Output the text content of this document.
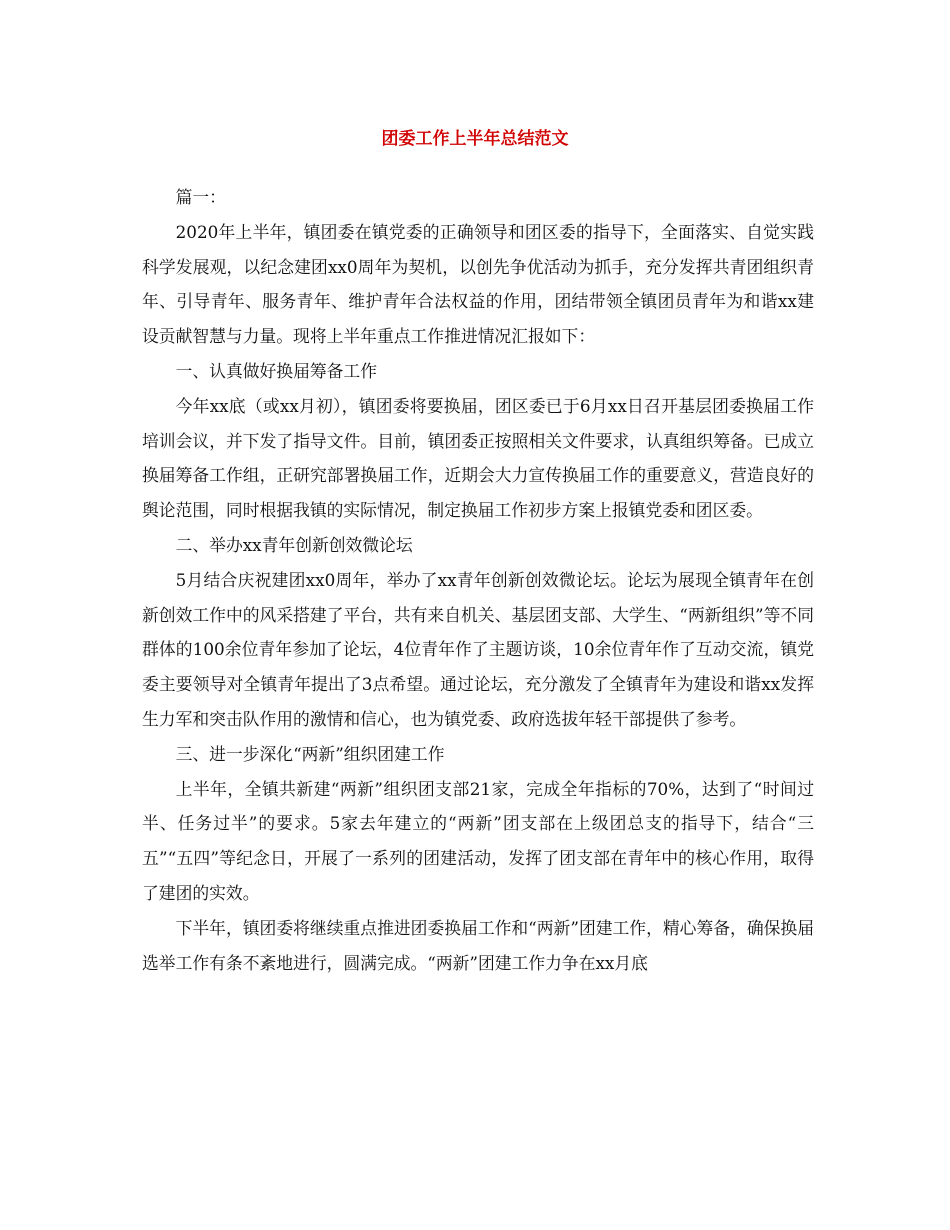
团委工作上半年总结范文

篇一：

2020年上半年，镇团委在镇党委的正确领导和团区委的指导下，全面落实、自觉实践科学发展观，以纪念建团xx0周年为契机，以创先争优活动为抓手，充分发挥共青团组织青年、引导青年、服务青年、维护青年合法权益的作用，团结带领全镇团员青年为和谐xx建设贡献智慧与力量。现将上半年重点工作推进情况汇报如下：

一、认真做好换届筹备工作

今年xx底（或xx月初），镇团委将要换届，团区委已于6月xx日召开基层团委换届工作培训会议，并下发了指导文件。目前，镇团委正按照相关文件要求，认真组织筹备。已成立换届筹备工作组，正研究部署换届工作，近期会大力宣传换届工作的重要意义，营造良好的舆论范围，同时根据我镇的实际情况，制定换届工作初步方案上报镇党委和团区委。

二、举办xx青年创新创效微论坛

5月结合庆祝建团xx0周年，举办了xx青年创新创效微论坛。论坛为展现全镇青年在创新创效工作中的风采搭建了平台，共有来自机关、基层团支部、大学生、“两新组织”等不同群体的100余位青年参加了论坛，4位青年作了主题访谈，10余位青年作了互动交流，镇党委主要领导对全镇青年提出了3点希望。通过论坛，充分激发了全镇青年为建设和谐xx发挥生力军和突击队作用的激情和信心，也为镇党委、政府选拔年轻干部提供了参考。

三、进一步深化“两新”组织团建工作

上半年，全镇共新建“两新”组织团支部21家，完成全年指标的70%，达到了“时间过半、任务过半”的要求。5家去年建立的“两新”团支部在上级团总支的指导下，结合“三五”“五四”等纪念日，开展了一系列的团建活动，发挥了团支部在青年中的核心作用，取得了建团的实效。

下半年，镇团委将继续重点推进团委换届工作和“两新”团建工作，精心筹备，确保换届选举工作有条不紊地进行，圆满完成。“两新”团建工作力争在xx月底
